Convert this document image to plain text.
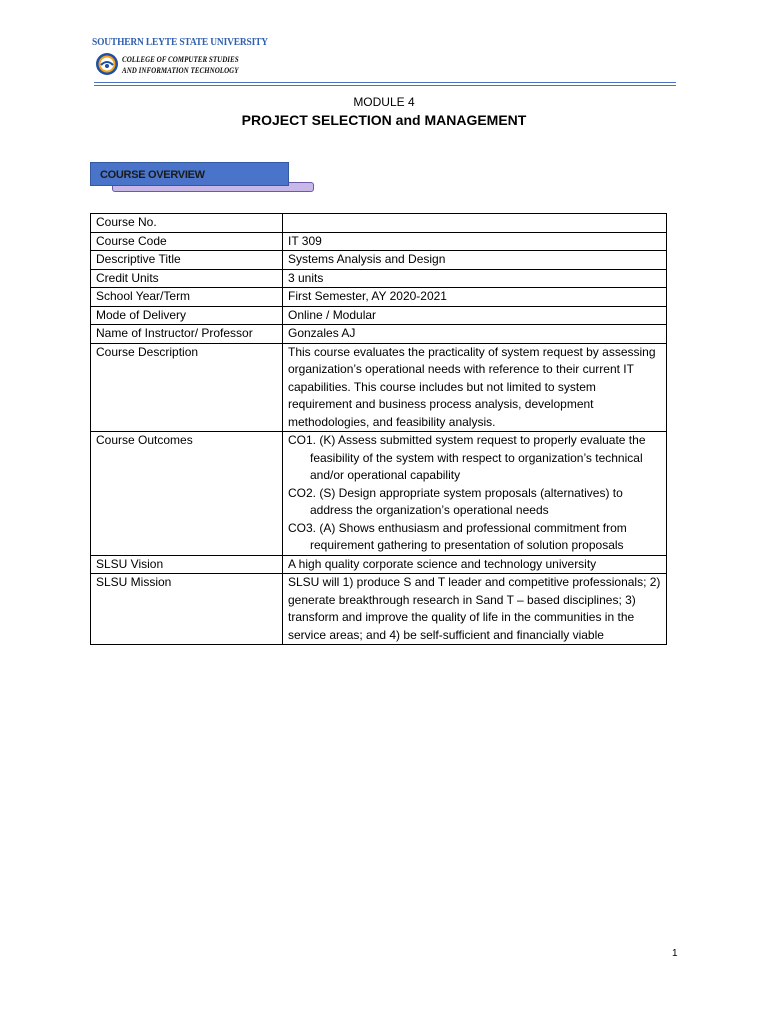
SOUTHERN LEYTE STATE UNIVERSITY
COLLEGE OF COMPUTER STUDIES
AND INFORMATION TECHNOLOGY
MODULE 4
PROJECT SELECTION and MANAGEMENT
COURSE OVERVIEW
Course No.	
Course Code	IT 309
Descriptive Title	Systems Analysis and Design
Credit Units	3 units
School Year/Term	First Semester, AY 2020-2021
Mode of Delivery	Online / Modular
Name of Instructor/ Professor	Gonzales AJ
Course Description	This course evaluates the practicality of system request by assessing organization’s operational needs with reference to their current IT capabilities. This course includes but not limited to system requirement and business process analysis, development methodologies, and feasibility analysis.
Course Outcomes	CO1. (K) Assess submitted system request to properly evaluate the feasibility of the system with respect to organization’s technical and/or operational capability
CO2. (S) Design appropriate system proposals (alternatives) to address the organization’s operational needs
CO3. (A) Shows enthusiasm and professional commitment from requirement gathering to presentation of solution proposals

SLSU Vision	A high quality corporate science and technology university
SLSU Mission	SLSU will 1) produce S and T leader and competitive professionals; 2) generate breakthrough research in Sand T – based disciplines; 3) transform and improve the quality of life in the communities in the service areas; and 4) be self-sufficient and financially viable
1
